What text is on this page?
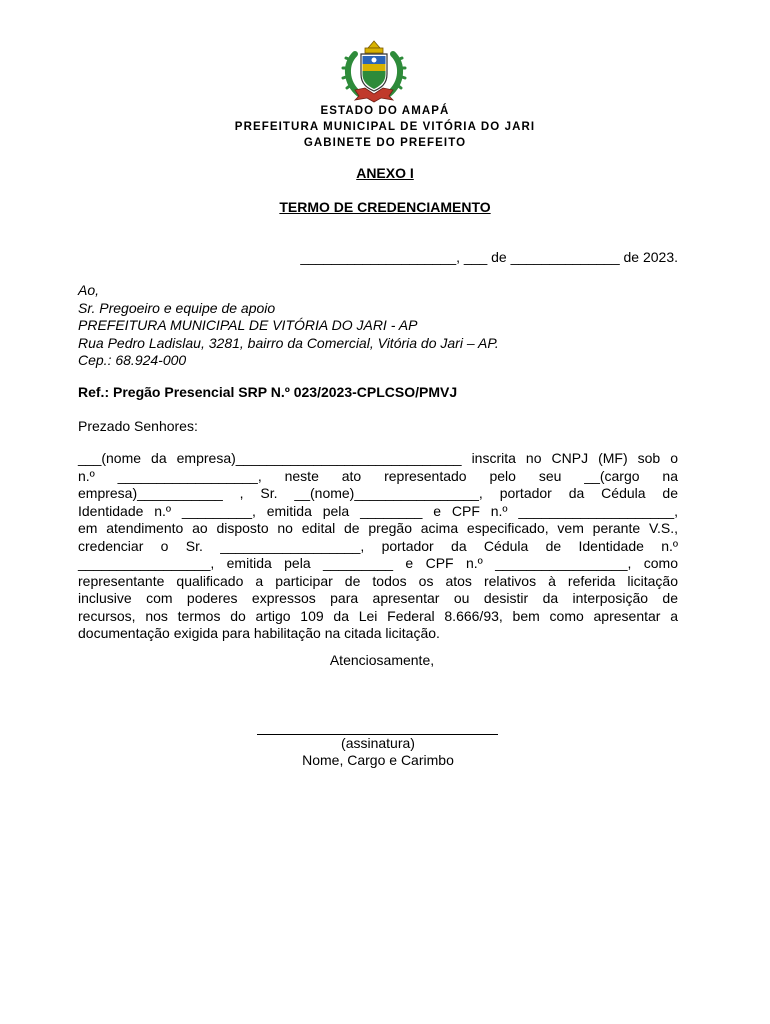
ESTADO DO AMAPÁ
PREFEITURA MUNICIPAL DE VITÓRIA DO JARI
GABINETE DO PREFEITO
ANEXO I
TERMO DE CREDENCIAMENTO
____________________, ___ de ______________ de 2023.
Ao,
Sr. Pregoeiro e equipe de apoio
PREFEITURA MUNICIPAL DE VITÓRIA DO JARI - AP
Rua Pedro Ladislau, 3281, bairro da Comercial, Vitória do Jari – AP.
Cep.: 68.924-000
Ref.: Pregão Presencial SRP N.º 023/2023-CPLCSO/PMVJ
Prezado Senhores:
___(nome da empresa)_____________________________ inscrita no CNPJ (MF) sob o
n.º __________________, neste ato representado pelo seu __(cargo na
empresa)___________ , Sr. __(nome)________________, portador da Cédula de
Identidade n.º _________, emitida pela ________ e CPF n.º ____________________,
em atendimento ao disposto no edital de pregão acima especificado, vem perante V.S.,
credenciar o Sr. __________________, portador da Cédula de Identidade n.º
_________________, emitida pela _________ e CPF n.º _________________, como
representante qualificado a participar de todos os atos relativos à referida licitação
inclusive com poderes expressos para apresentar ou desistir da interposição de
recursos, nos termos do artigo 109 da Lei Federal 8.666/93, bem como apresentar a
documentação exigida para habilitação na citada licitação.
Atenciosamente,
(assinatura)
Nome, Cargo e Carimbo
